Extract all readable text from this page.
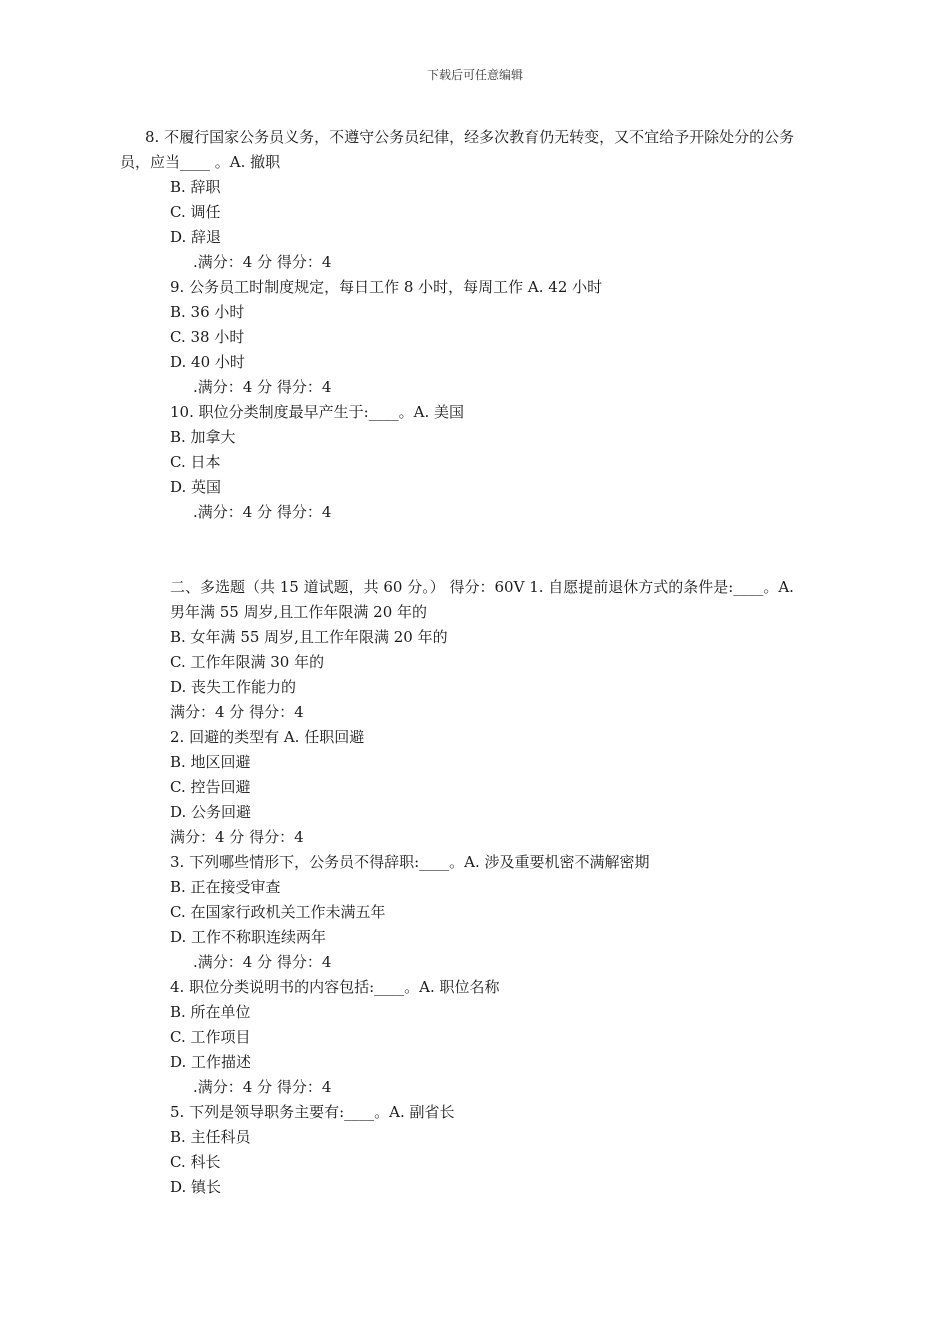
下载后可任意编辑
8. 不履行国家公务员义务，不遵守公务员纪律，经多次教育仍无转变，又不宜给予开除处分的公务员，应当____ 。A. 撤职
B. 辞职
C. 调任
D. 辞退
.满分：4 分 得分：4
9. 公务员工时制度规定，每日工作 8 小时，每周工作 A. 42 小时
B. 36 小时
C. 38 小时
D. 40 小时
.满分：4 分 得分：4
10. 职位分类制度最早产生于:____。A. 美国
B. 加拿大
C. 日本
D. 英国
.满分：4 分 得分：4
二、多选题（共 15 道试题，共 60 分。） 得分：60V 1. 自愿提前退休方式的条件是:____。A.
男年满 55 周岁,且工作年限满 20 年的
B. 女年满 55 周岁,且工作年限满 20 年的
C. 工作年限满 30 年的
D. 丧失工作能力的
满分：4 分 得分：4
2. 回避的类型有 A. 任职回避
B. 地区回避
C. 控告回避
D. 公务回避
满分：4 分 得分：4
3. 下列哪些情形下，公务员不得辞职:____。A. 涉及重要机密不满解密期
B. 正在接受审查
C. 在国家行政机关工作未满五年
D. 工作不称职连续两年
.满分：4 分 得分：4
4. 职位分类说明书的内容包括:____。A. 职位名称
B. 所在单位
C. 工作项目
D. 工作描述
.满分：4 分 得分：4
5. 下列是领导职务主要有:____。A. 副省长
B. 主任科员
C. 科长
D. 镇长
